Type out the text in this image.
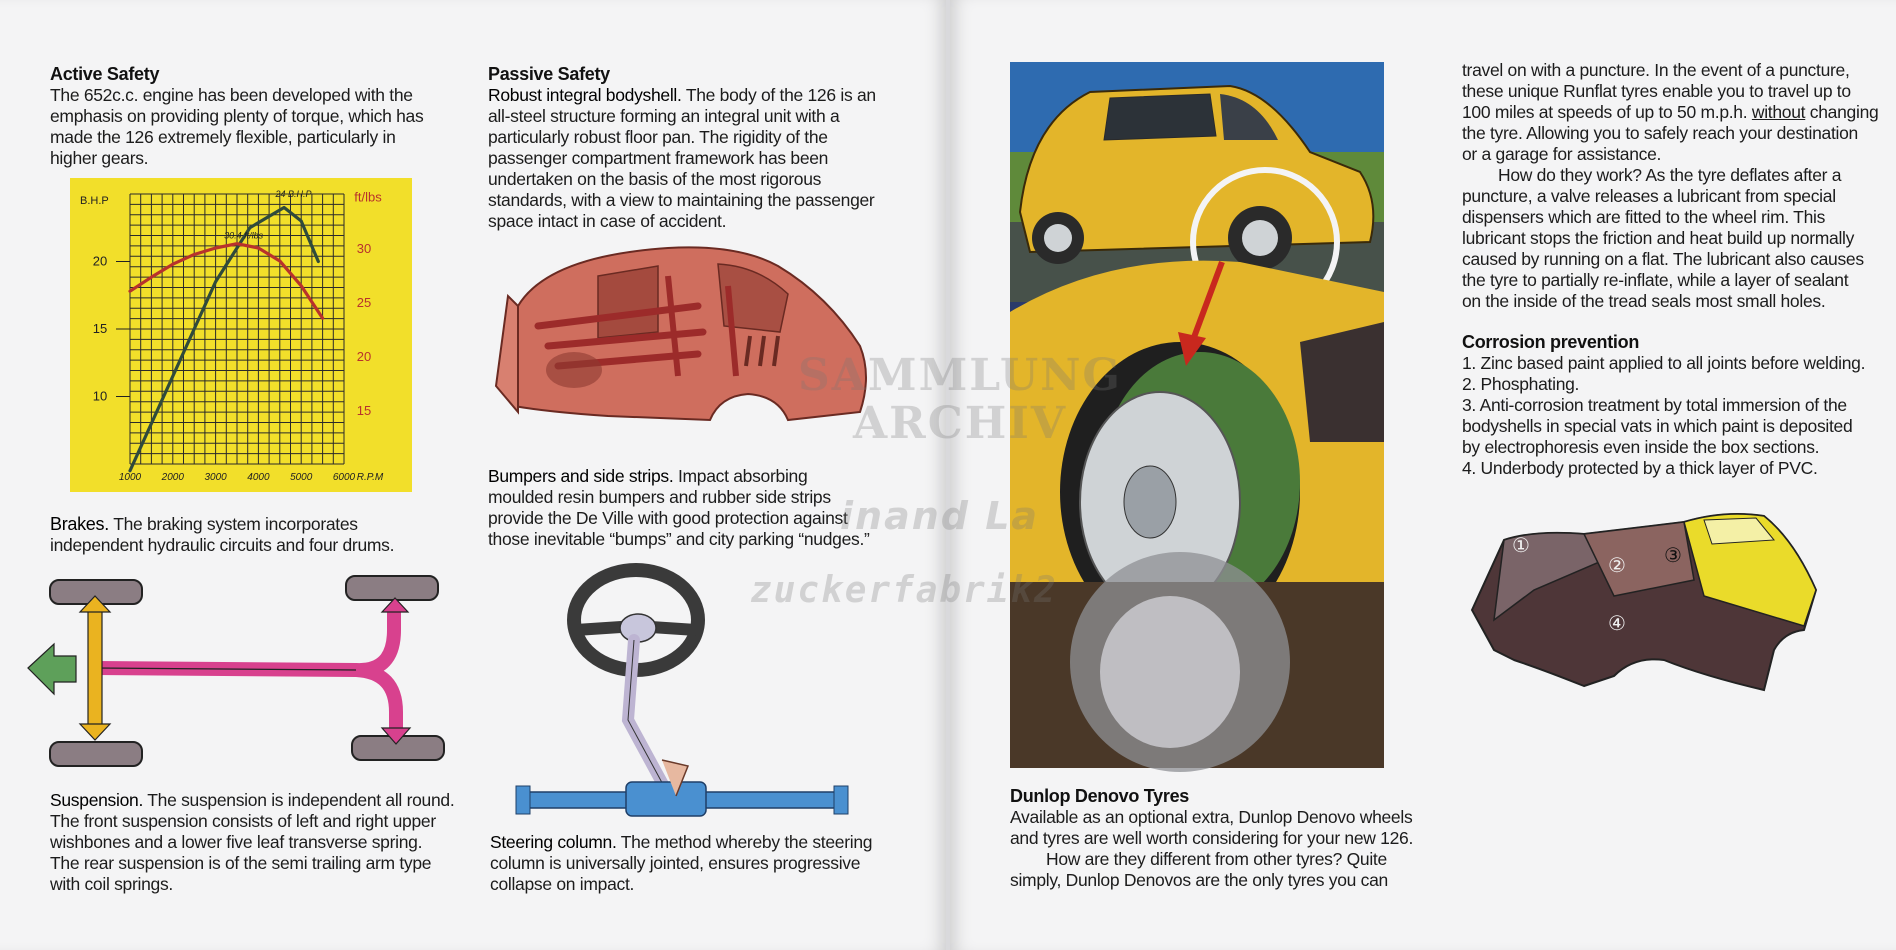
Active Safety

The 652c.c. engine has been developed with the

emphasis on providing plenty of torque, which has

made the 126 extremely flexible, particularly in

higher gears.

1000 2000 3000 4000 5000 6000 R.P.M
10
15
20
B.H.P
15
20
25
30
ft/lbs
24 B.H.P
30.4 ft/lbs

Brakes. The braking system incorporates

independent hydraulic circuits and four drums.

Suspension. The suspension is independent all round.

The front suspension consists of left and right upper

wishbones and a lower five leaf transverse spring.

The rear suspension is of the semi trailing arm type

with coil springs.

Passive Safety

Robust integral bodyshell. The body of the 126 is an

all-steel structure forming an integral unit with a

particularly robust floor pan. The rigidity of the

passenger compartment framework has been

undertaken on the basis of the most rigorous

standards, with a view to maintaining the passenger

space intact in case of accident.

Bumpers and side strips. Impact absorbing

moulded resin bumpers and rubber side strips

provide the De Ville with good protection against

those inevitable “bumps” and city parking “nudges.”

Steering column. The method whereby the steering

column is universally jointed, ensures progressive

collapse on impact.

Dunlop Denovo Tyres

Available as an optional extra, Dunlop Denovo wheels

and tyres are well worth considering for your new 126.

How are they different from other tyres? Quite

simply, Dunlop Denovos are the only tyres you can

travel on with a puncture. In the event of a puncture,

these unique Runflat tyres enable you to travel up to

100 miles at speeds of up to 50 m.p.h. without changing

the tyre. Allowing you to safely reach your destination

or a garage for assistance.

How do they work? As the tyre deflates after a

puncture, a valve releases a lubricant from special

dispensers which are fitted to the wheel rim. This

lubricant stops the friction and heat build up normally

caused by running on a flat. The lubricant also causes

the tyre to partially re-inflate, while a layer of sealant

on the inside of the tread seals most small holes.

Corrosion prevention

1. Zinc based paint applied to all joints before welding.

2. Phosphating.

3. Anti-corrosion treatment by total immersion of the

bodyshells in special vats in which paint is deposited

by electrophoresis even inside the box sections.

4. Underbody protected by a thick layer of PVC.

①
② ③
④
SAMMLUNG
ARCHIV
inand La
zuckerfabrik2
